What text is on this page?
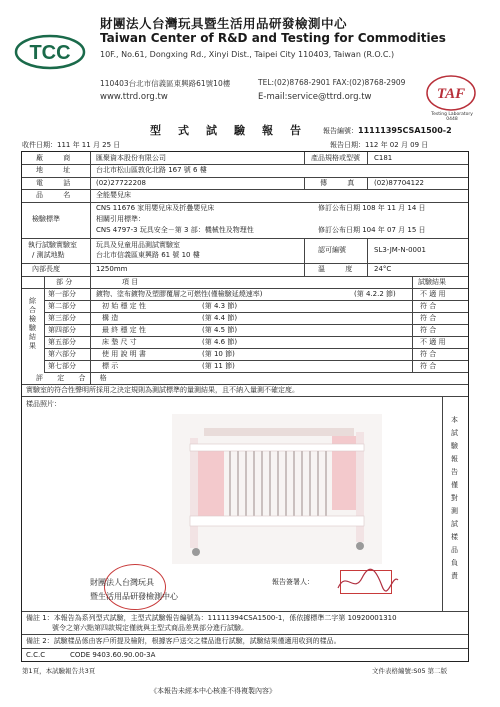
TCC
財團法人台灣玩具暨生活用品研發檢測中心
Taiwan Center of R&D and Testing for Commodities
10F., No.61, Dongxing Rd., Xinyi Dist., Taipei City 110403, Taiwan (R.O.C.)
110403台北市信義區東興路61號10樓	TEL:(02)8768-2901 FAX:(02)8768-2909
www.ttrd.org.tw	E-mail:service@ttrd.org.tw	TAF
Testing Laboratory
0448
型式試驗報告 報告編號：11111395CSA1500-2
收件日期：111 年 11 月 25 日	報告日期：112 年 02 月 09 日
廠 商 匯聚資本股份有限公司	產品規格或型號 C181
地 址 台北市松山區敦化北路 167 號 6 樓
電 話 (02)27722208	傳 真 (02)87704122
品 名 全能嬰兒床
檢驗標準
CNS 11676 家用嬰兒床及折疊嬰兒床	修訂公布日期 108 年 11 月 14 日
相關引用標準：
CNS 4797-3 玩具安全－第 3 部：機械性及物理性	修訂公布日期 104 年 07 月 15 日
執行試驗實驗室
/ 測試地點
玩具及兒童用品測試實驗室
台北市信義區東興路 61 號 10 樓
認可編號	SL3-JM-N-0001
內部長度	1250mm	溫 度 24°C
綜合檢驗結果
部 分	項 目	試驗結果
第一部分	鍍物、塗布鍍物及塑膠覆層之可燃性(僅檢驗延燒速率)	(第 4.2.2 節)	不 適 用
第二部分	初 始 穩 定 性	(第 4.3 節)	符 合
第三部分	構 造	(第 4.4 節)	符 合
第四部分	最 終 穩 定 性	(第 4.5 節)	符 合
第五部分	床 墊 尺 寸	(第 4.6 節)	不 適 用
第六部分	使 用 說 明 書	(第 10 節)	符 合
第七部分	標 示	(第 11 節)	符 合
評 定 合 格
實驗室的符合性聲明所採用之決定規則為測試標準的量測結果，且不納入量測不確定度。
樣品照片：
本試驗報告僅對測試樣品負責
財團法人台灣玩具
暨生活用品研發檢測中心
報告簽署人：
備註 1：本報告為系列型式試驗，主型式試驗報告編號為：11111394CSA1500-1，係依據標準二字第 10920001310
號令之第六點第四款規定僅就與主型式商品差異部分進行試驗。
備註 2：試驗樣品係由客戶所提及檢附，根據客戶送交之樣品進行試驗，試驗結果僅適用收到的樣品。
C.C.C	CODE 9403.60.90.00-3A
第1頁，本試驗報告共3頁	文件表格編號:S05 第二版
《本報告未經本中心核准不得複製內容》
